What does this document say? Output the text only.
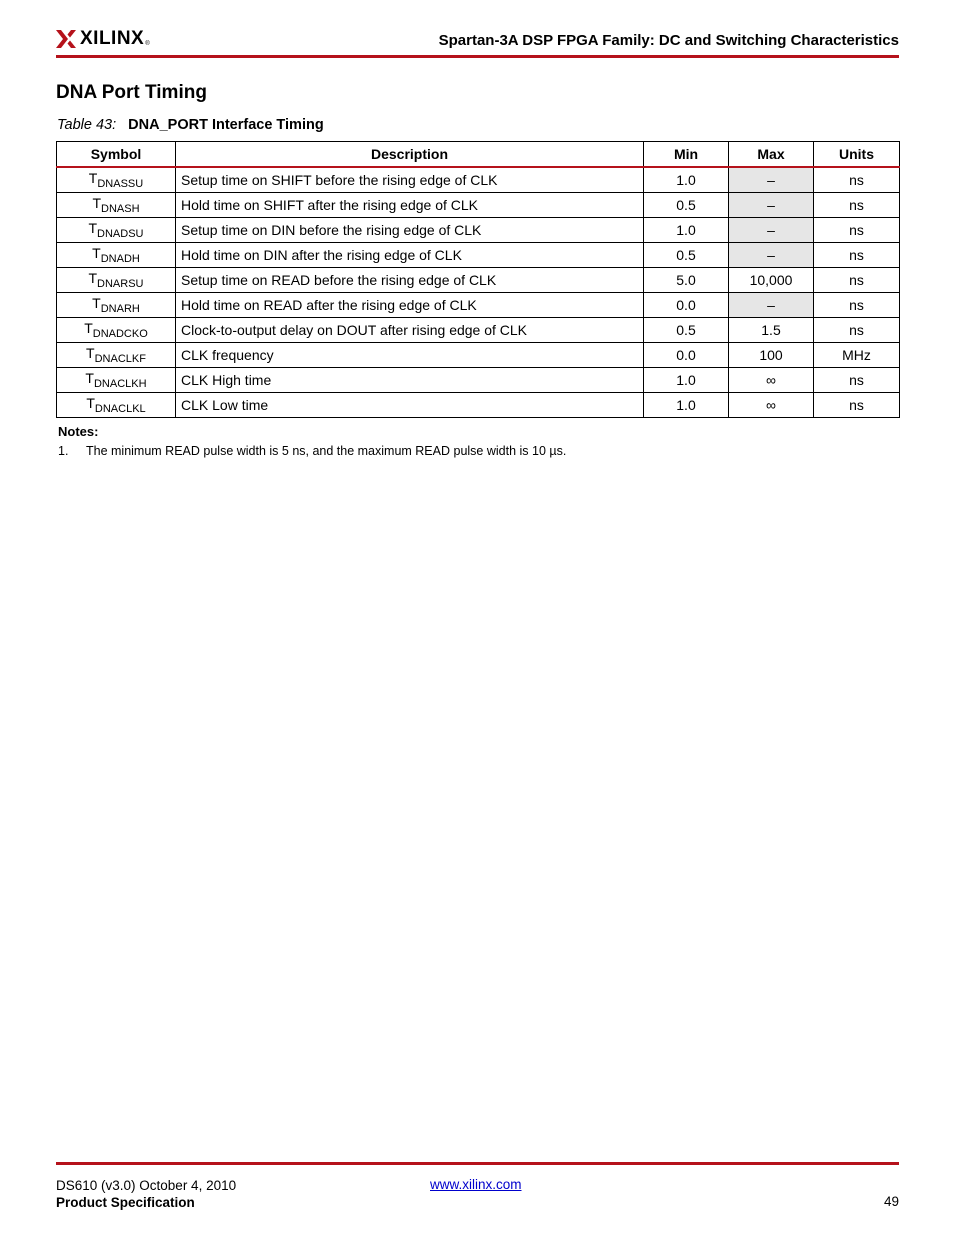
XILINX ®	Spartan-3A DSP FPGA Family: DC and Switching Characteristics
DNA Port Timing
Table 43: DNA_PORT Interface Timing
Symbol	Description	Min	Max	Units
$T_{DNASSU}$	Setup time on SHIFT before the rising edge of CLK	1.0	–	ns
$T_{DNASH}$	Hold time on SHIFT after the rising edge of CLK	0.5	–	ns
$T_{DNADSU}$	Setup time on DIN before the rising edge of CLK	1.0	–	ns
$T_{DNADH}$	Hold time on DIN after the rising edge of CLK	0.5	–	ns
$T_{DNARSU}$	Setup time on READ before the rising edge of CLK	5.0	10,000	ns
$T_{DNARH}$	Hold time on READ after the rising edge of CLK	0.0	–	ns
$T_{DNADCKO}$	Clock-to-output delay on DOUT after rising edge of CLK	0.5	1.5	ns
$T_{DNACLKF}$	CLK frequency	0.0	100	MHz
$T_{DNACLKH}$	CLK High time	1.0	∞	ns
$T_{DNACLKL}$	CLK Low time	1.0	∞	ns
Notes:
1. The minimum READ pulse width is 5 ns, and the maximum READ pulse width is 10 µs.
DS610 (v3.0) October 4, 2010
Product Specification
www.xilinx.com
49
